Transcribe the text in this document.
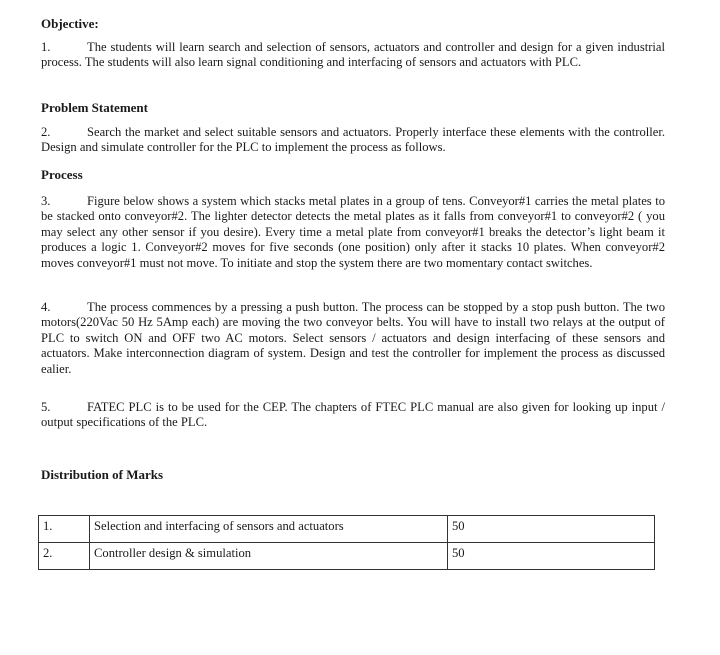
Objective:
1.	The students will learn search and selection of sensors, actuators and controller and design for a given industrial process. The students will also learn signal conditioning and interfacing of sensors and actuators with PLC.
Problem Statement
2.	Search the market and select suitable sensors and actuators. Properly interface these elements with the controller. Design and simulate controller for the PLC to implement the process as follows.
Process
3.	Figure below shows a system which stacks metal plates in a group of tens. Conveyor#1 carries the metal plates to be stacked onto conveyor#2. The lighter detector detects the metal plates as it falls from conveyor#1 to conveyor#2 ( you may select any other sensor if you desire). Every time a metal plate from conveyor#1 breaks the detector’s light beam it produces a logic 1. Conveyor#2 moves for five seconds (one position) only after it stacks 10 plates. When conveyor#2 moves conveyor#1 must not move. To initiate and stop the system there are two momentary contact switches.
4.	The process commences by a pressing a push button. The process can be stopped by a stop push button. The two motors(220Vac 50 Hz 5Amp each) are moving the two conveyor belts. You will have to install two relays at the output of PLC to switch ON and OFF two AC motors. Select sensors / actuators and design interfacing of these sensors and actuators. Make interconnection diagram of system. Design and test the controller for implement the process as discussed ealier.
5.	FATEC PLC is to be used for the CEP. The chapters of FTEC PLC manual are also given for looking up input / output specifications of the PLC.
Distribution of Marks
1.	Selection and interfacing of sensors and actuators	50
2.	Controller design & simulation	50
